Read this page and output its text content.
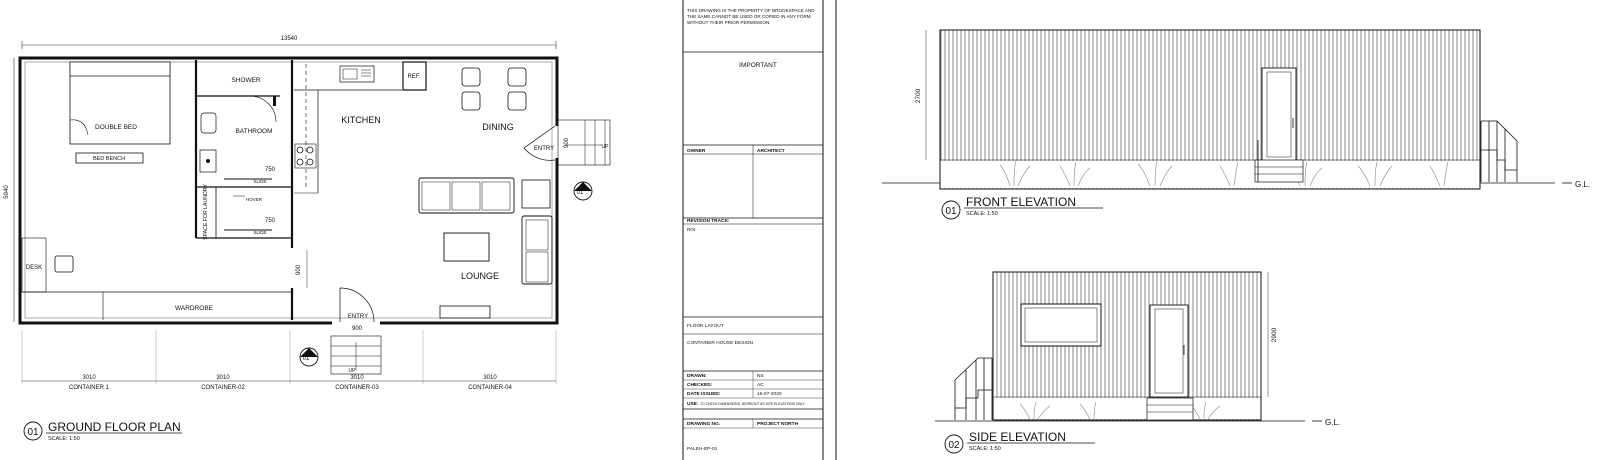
13540
5940
DOUBLE BED
BED BENCH
DESK
WARDROBE
SHOWER
BATHROOM
750
SLIDE
750
SLIDE
HOVER
SPACE FOR LAUNDRY
900
REF.
KITCHEN
DINING
ENTRY
900	UP
01
LOUNGE
ENTRY
900
UP
01
3010
CONTAINER 1
3010
CONTAINER-02
3010
CONTAINER-03
3010
CONTAINER-04
01 GROUND FLOOR PLAN
SCALE: 1:50
IMPORTANT
OWNER	ARCHITECT
REVISION TRACK:
R04
FLOOR LAYOUT
CONTAINER HOUSE DESIGN
DRAWN:	NS
CHECKED:	AC
DATE ISSUED:	16-07-2020
USE: TO CHECK DIMENSIONS, WORKOUT AS SITE ELEVATIONS ONLY
DRAWING NO.	PROJECT NORTH
PALEH-EP-01
G.L.
2700
01
FRONT ELEVATION
SCALE: 1:50
G.L.
2900
02
SIDE ELEVATION
SCALE: 1:50
THIS DRAWING IS THE PROPERTY OF BROOKSPACE AND THE SAME CANNOT BE USED OR COPIED IN ANY FORM WITHOUT THEIR PRIOR PERMISSION.
